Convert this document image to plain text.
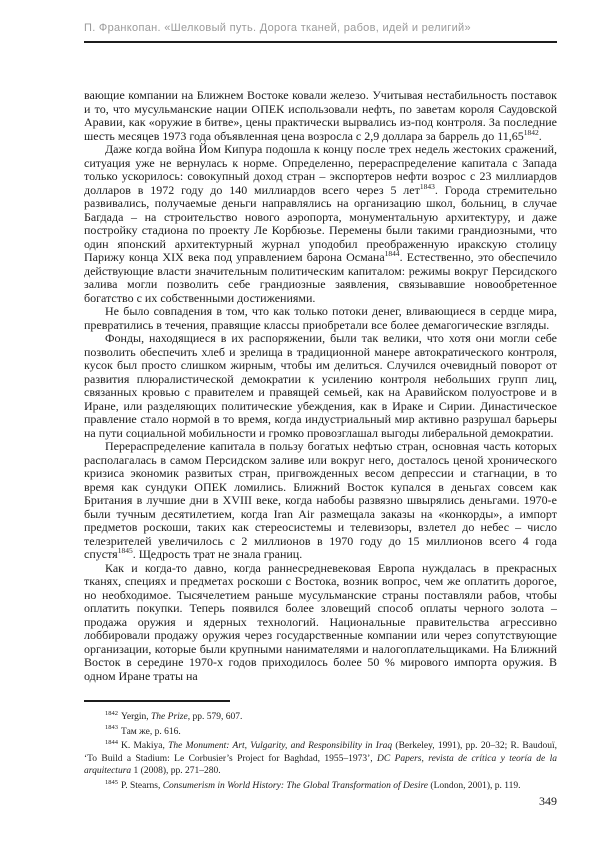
П. Франкопан. «Шелковый путь. Дорога тканей, рабов, идей и религий»

вающие компании на Ближнем Востоке ковали железо. Учитывая нестабильность поставок и то, что мусульманские нации ОПЕК использовали нефть, по заветам короля Саудовской Аравии, как «оружие в битве», цены практически вырвались из-под контроля. За последние шесть месяцев 1973 года объявленная цена возросла с 2,9 доллара за баррель до $11,65^{1842}$.

Даже когда война Йом Кипура подошла к концу после трех недель жестоких сражений, ситуация уже не вернулась к норме. Определенно, перераспределение капитала с Запада только ускорилось: совокупный доход стран – экспортеров нефти возрос с 23 миллиардов долларов в 1972 году до 140 миллиардов всего через 5 лет$^{1843}$. Города стремительно развивались, получаемые деньги направлялись на организацию школ, больниц, в случае Багдада – на строительство нового аэропорта, монументальную архитектуру, и даже постройку стадиона по проекту Ле Корбюзье. Перемены были такими грандиозными, что один японский архитектурный журнал уподобил преображенную иракскую столицу Парижу конца XIX века под управлением барона Османа$^{1844}$. Естественно, это обеспечило действующие власти значительным политическим капиталом: режимы вокруг Персидского залива могли позволить себе грандиозные заявления, связывавшие новообретенное богатство с их собственными достижениями.

Не было совпадения в том, что как только потоки денег, вливающиеся в сердце мира, превратились в течения, правящие классы приобретали все более демагогические взгляды.

Фонды, находящиеся в их распоряжении, были так велики, что хотя они могли себе позволить обеспечить хлеб и зрелища в традиционной манере автократического контроля, кусок был просто слишком жирным, чтобы им делиться. Случился очевидный поворот от развития плюралистической демократии к усилению контроля небольших групп лиц, связанных кровью с правителем и правящей семьей, как на Аравийском полуострове и в Иране, или разделяющих политические убеждения, как в Ираке и Сирии. Династическое правление стало нормой в то время, когда индустриальный мир активно разрушал барьеры на пути социальной мобильности и громко провозглашал выгоды либеральной демократии.

Перераспределение капитала в пользу богатых нефтью стран, основная часть которых располагалась в самом Персидском заливе или вокруг него, досталось ценой хронического кризиса экономик развитых стран, пригвожденных весом депрессии и стагнации, в то время как сундуки ОПЕК ломились. Ближний Восток купался в деньгах совсем как Британия в лучшие дни в XVIII веке, когда набобы развязно швырялись деньгами. 1970-е были тучным десятилетием, когда Iran Air размещала заказы на «конкорды», а импорт предметов роскоши, таких как стереосистемы и телевизоры, взлетел до небес – число телезрителей увеличилось с 2 миллионов в 1970 году до 15 миллионов всего 4 года спустя$^{1845}$. Щедрость трат не знала границ.

Как и когда-то давно, когда раннесредневековая Европа нуждалась в прекрасных тканях, специях и предметах роскоши с Востока, возник вопрос, чем же оплатить дорогое, но необходимое. Тысячелетием раньше мусульманские страны поставляли рабов, чтобы оплатить покупки. Теперь появился более зловещий способ оплаты черного золота – продажа оружия и ядерных технологий. Национальные правительства агрессивно лоббировали продажу оружия через государственные компании или через сопутствующие организации, которые были крупными нанимателями и налогоплательщиками. На Ближний Восток в середине 1970-х годов приходилось более 50 % мирового импорта оружия. В одном Иране траты на

$^{1842}$ Yergin, The Prize, pp. 579, 607.

$^{1843}$ Там же, p. 616.

$^{1844}$ K. Makiya, The Monument: Art, Vulgarity, and Responsibility in Iraq (Berkeley, 1991), pp. 20–32; R. Baudouï, ‘To Build a Stadium: Le Corbusier’s Project for Baghdad, 1955–1973’, DC Papers, revista de crítica y teoría de la arquitectura 1 (2008), pp. 271–280.

$^{1845}$ P. Stearns, Consumerism in World History: The Global Transformation of Desire (London, 2001), p. 119.

349
